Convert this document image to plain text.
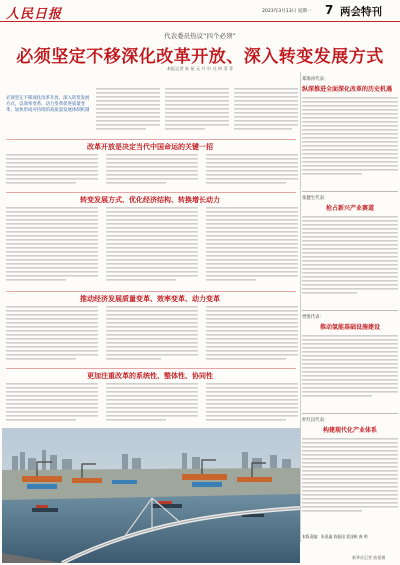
人民日报	2023年3月13日 星期一 7 两会特刊
代表委员热议“四个必须”
必须坚定不移深化改革开放、深入转变发展方式
本报记者 朱 星 元 开 尔 凡 何 菲 菲
必须坚定不移深化改革开放、深入转变发展方式，以效率变革、动力变革促进质量变革，加快形成可持续的高质量发展体制机制
改革开放是决定当代中国命运的关键一招
转变发展方式、优化经济结构、转换增长动力
推动经济发展质量变革、效率变革、动力变革
更加注重改革的系统性、整体性、协同性
郑海涛代表：
纵深推进全面深化改革的历史机遇
张健生代表：
抢占新兴产业赛道
贾凯代表：
推动氢能基础设施建设
杜红良代表：
构建现代化产业体系
本版责编：朱嘉鑫 陈振国 贾淦彬 曲 明
新华社记者 曲嘉摄
